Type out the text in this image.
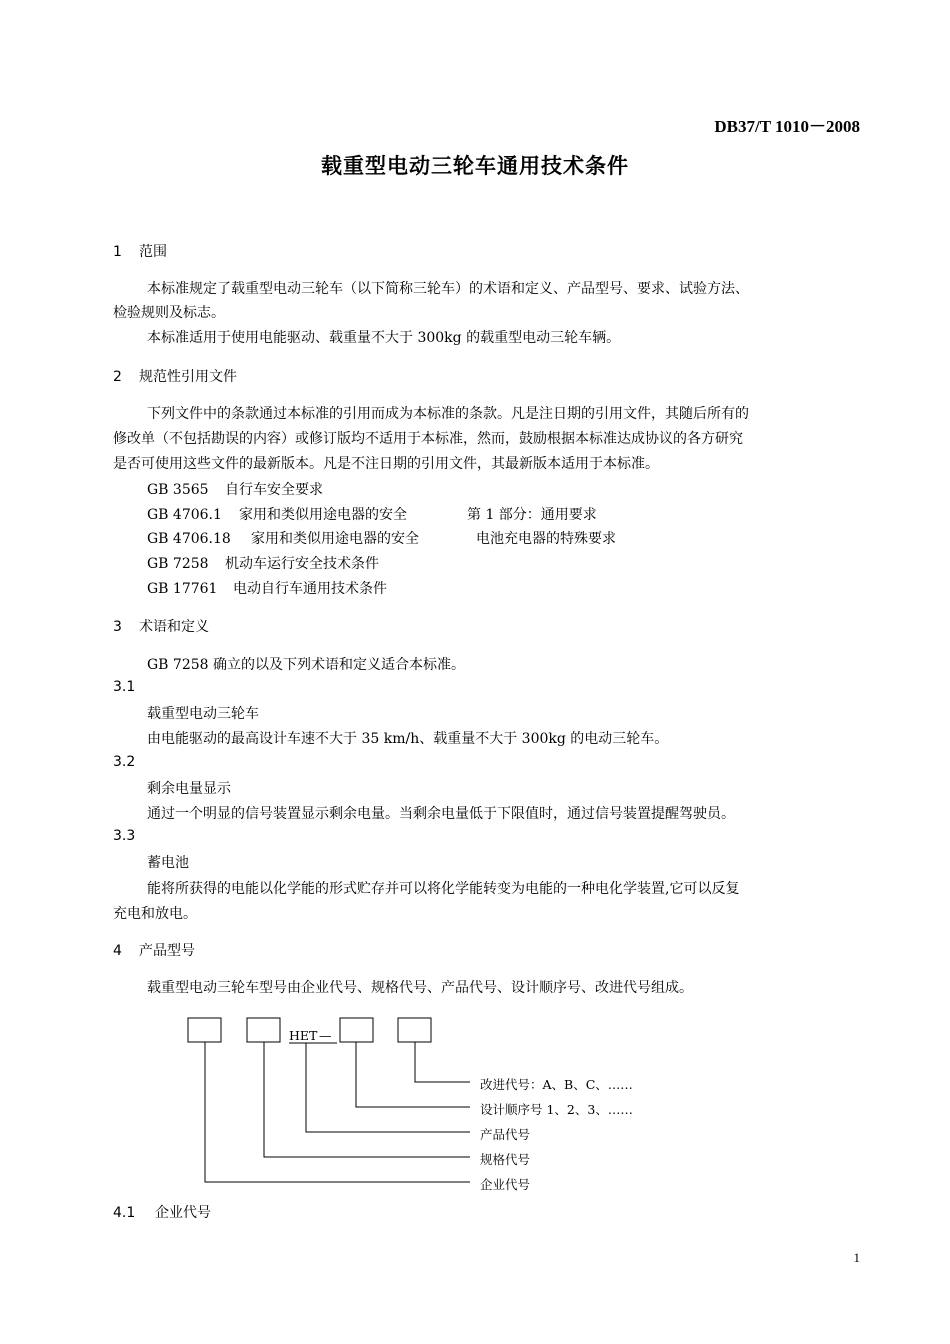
DB37/T 1010－2008
载重型电动三轮车通用技术条件
1 范围
本标准规定了载重型电动三轮车（以下简称三轮车）的术语和定义、产品型号、要求、试验方法、
检验规则及标志。
本标准适用于使用电能驱动、载重量不大于 300kg 的载重型电动三轮车辆。
2 规范性引用文件
下列文件中的条款通过本标准的引用而成为本标准的条款。凡是注日期的引用文件，其随后所有的
修改单（不包括勘误的内容）或修订版均不适用于本标准，然而，鼓励根据本标准达成协议的各方研究
是否可使用这些文件的最新版本。凡是不注日期的引用文件，其最新版本适用于本标准。
GB 3565 自行车安全要求
GB 4706.1 家用和类似用途电器的安全	第 1 部分：通用要求
GB 4706.18 家用和类似用途电器的安全	电池充电器的特殊要求
GB 7258 机动车运行安全技术条件
GB 17761 电动自行车通用技术条件
3 术语和定义
GB 7258 确立的以及下列术语和定义适合本标准。
3.1
载重型电动三轮车
由电能驱动的最高设计车速不大于 35 km/h、载重量不大于 300kg 的电动三轮车。
3.2
剩余电量显示
通过一个明显的信号装置显示剩余电量。当剩余电量低于下限值时，通过信号装置提醒驾驶员。
3.3
蓄电池
能将所获得的电能以化学能的形式贮存并可以将化学能转变为电能的一种电化学装置,它可以反复
充电和放电。
4 产品型号
载重型电动三轮车型号由企业代号、规格代号、产品代号、设计顺序号、改进代号组成。
HET —
改进代号：A、B、C、……
设计顺序号 1、2、3、……
产品代号
规格代号
企业代号
4.1 企业代号
1
